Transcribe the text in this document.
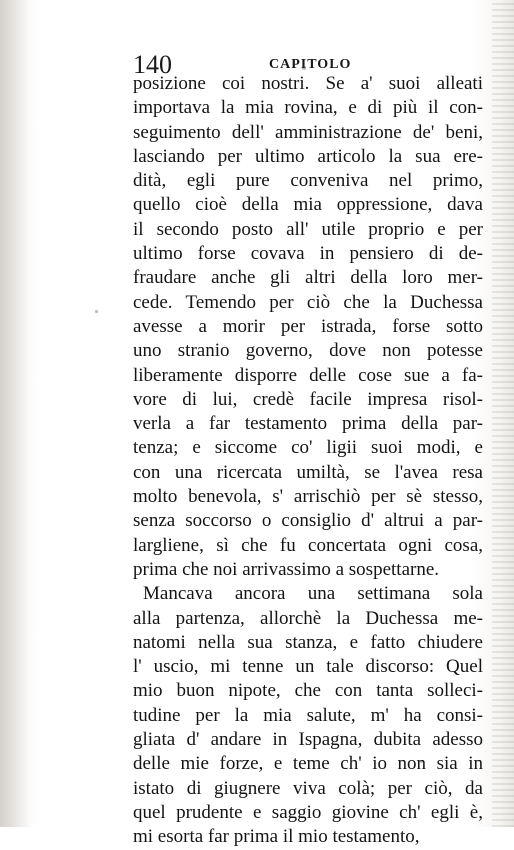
140	CAPITOLO
posizione coi nostri. Se a' suoi alleati
importava la mia rovina, e di più il con-
seguimento dell' amministrazione de' beni,
lasciando per ultimo articolo la sua ere-
dità, egli pure conveniva nel primo,
quello cioè della mia oppressione, dava
il secondo posto all' utile proprio e per
ultimo forse covava in pensiero di de-
fraudare anche gli altri della loro mer-
cede. Temendo per ciò che la Duchessa
avesse a morir per istrada, forse sotto
uno stranio governo, dove non potesse
liberamente disporre delle cose sue a fa-
vore di lui, credè facile impresa risol-
verla a far testamento prima della par-
tenza; e siccome co' ligii suoi modi, e
con una ricercata umiltà, se l'avea resa
molto benevola, s' arrischiò per sè stesso,
senza soccorso o consiglio d' altrui a par-
largliene, sì che fu concertata ogni cosa,
prima che noi arrivassimo a sospettarne.
Mancava ancora una settimana sola
alla partenza, allorchè la Duchessa me-
natomi nella sua stanza, e fatto chiudere
l' uscio, mi tenne un tale discorso: Quel
mio buon nipote, che con tanta solleci-
tudine per la mia salute, m' ha consi-
gliata d' andare in Ispagna, dubita adesso
delle mie forze, e teme ch' io non sia in
istato di giugnere viva colà; per ciò, da
quel prudente e saggio giovine ch' egli è,
mi esorta far prima il mio testamento,
